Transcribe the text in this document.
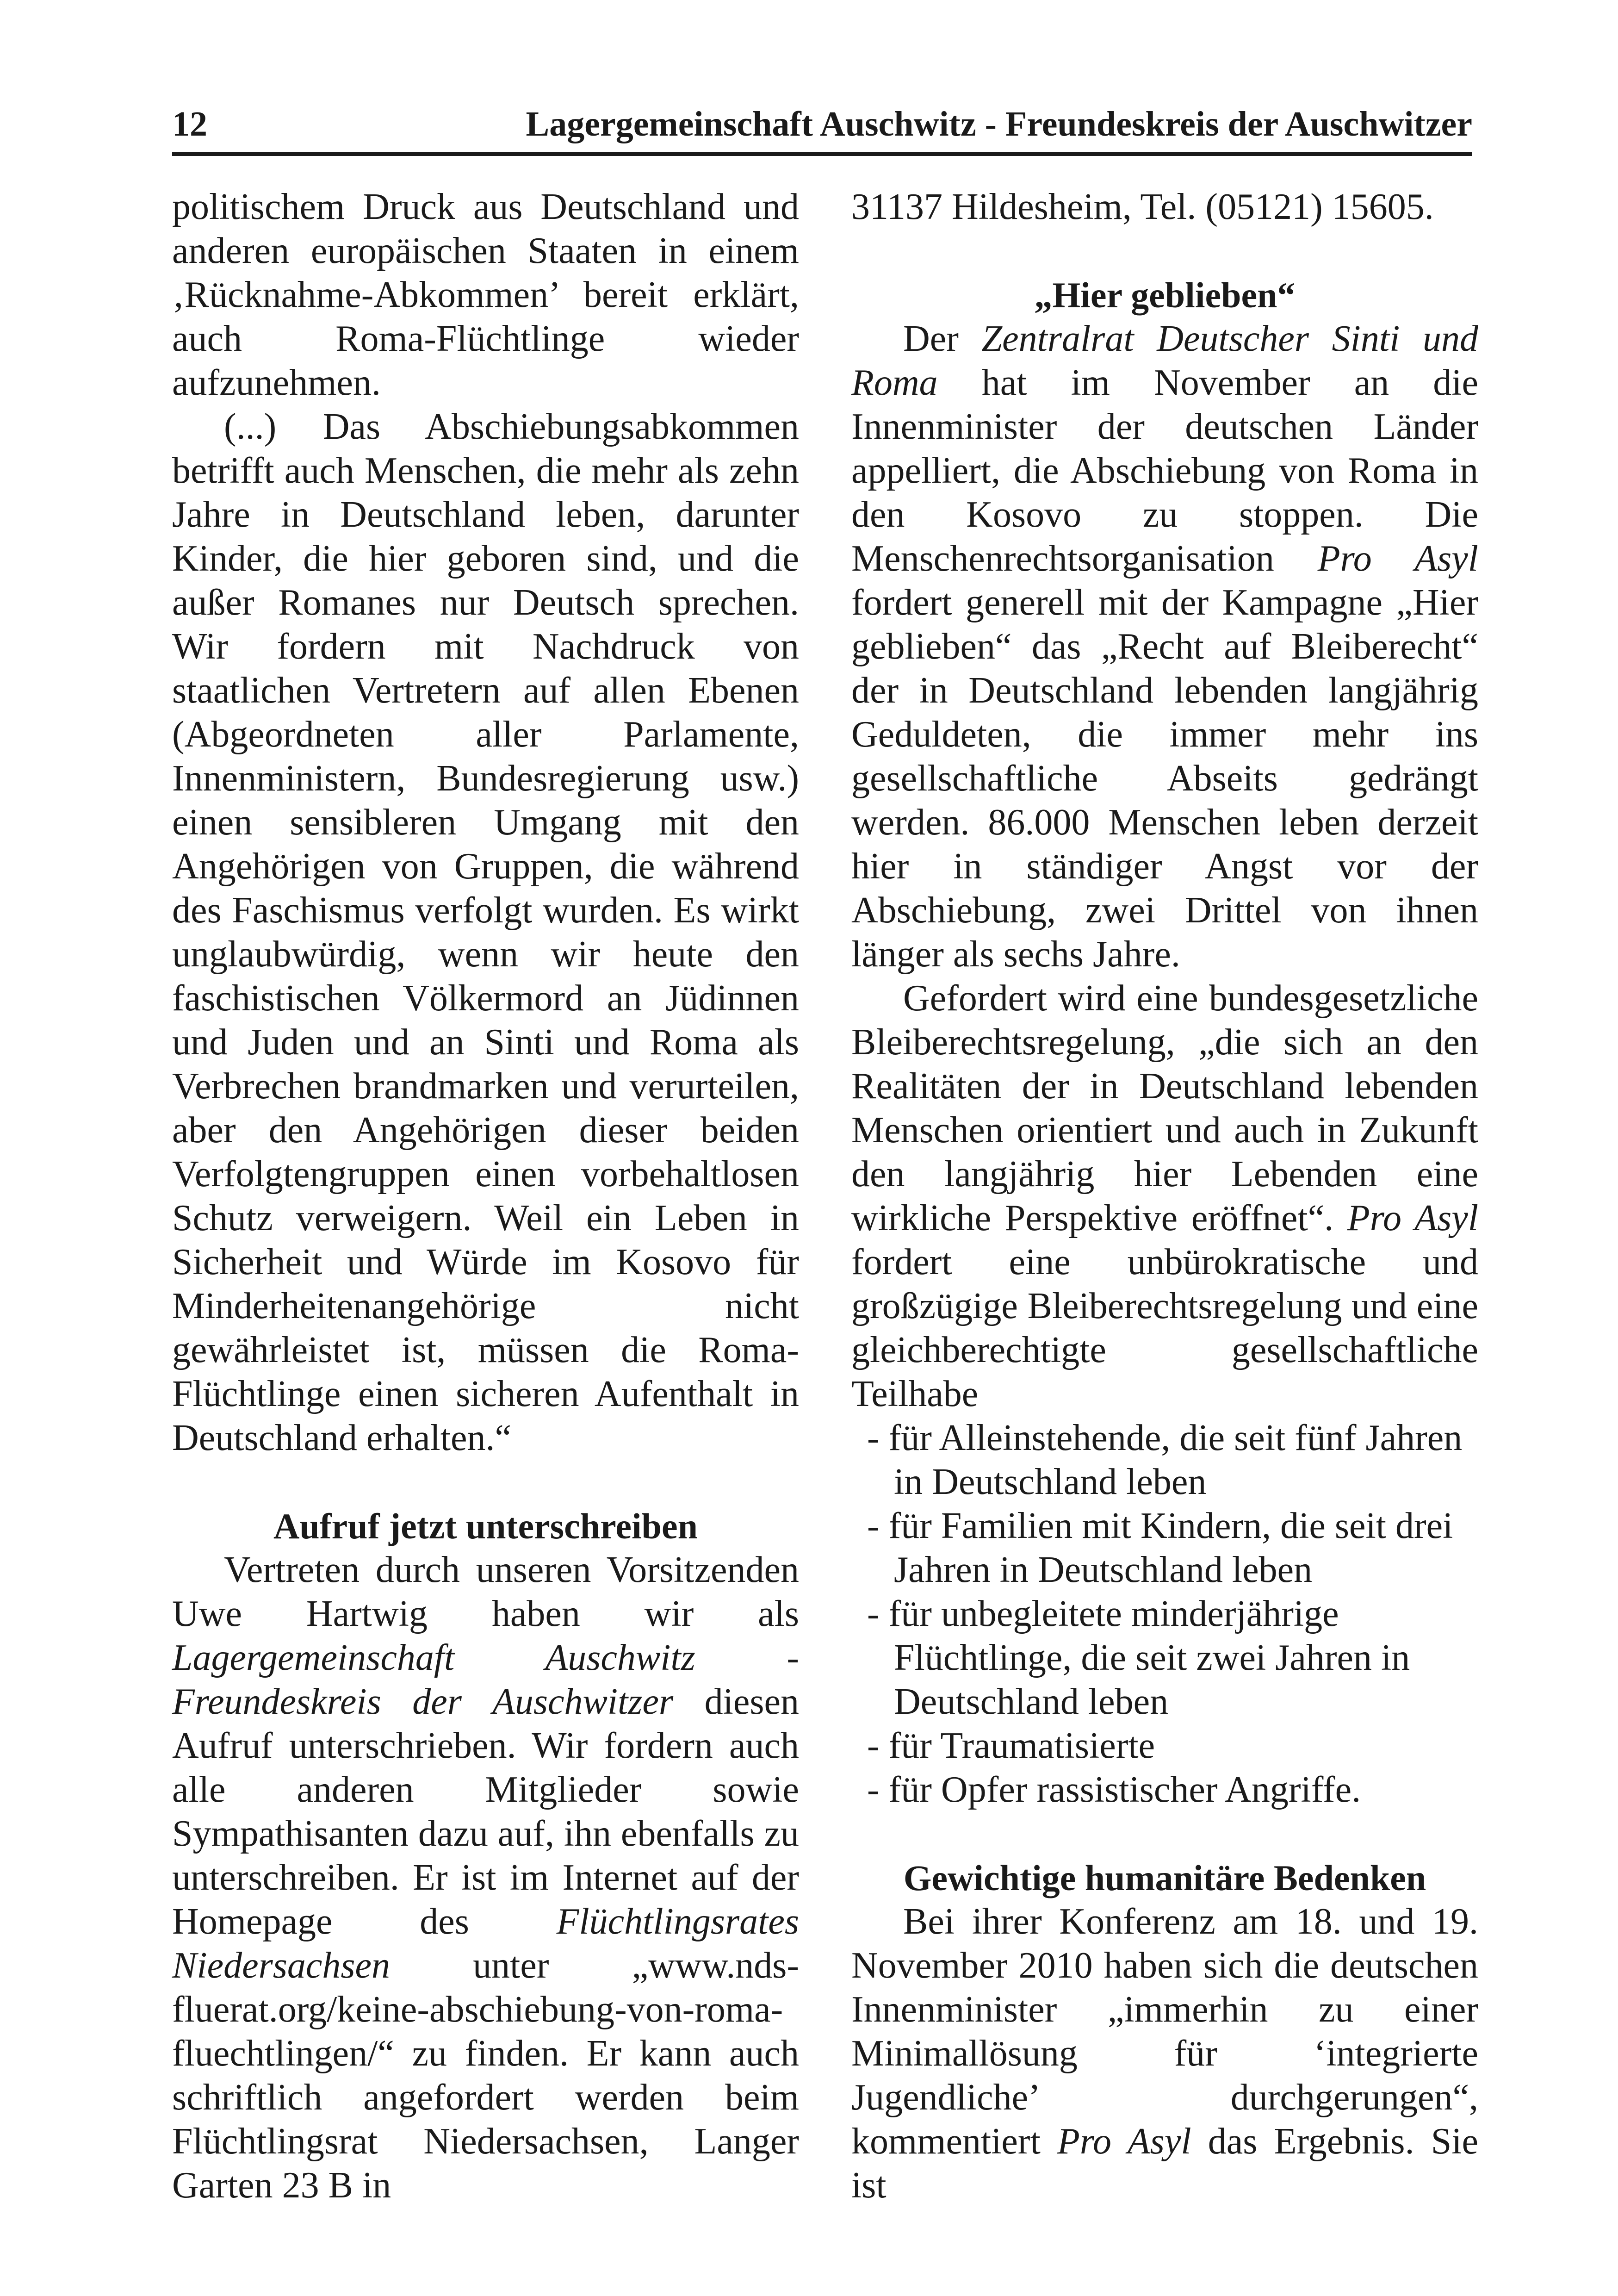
12	Lagergemeinschaft Auschwitz - Freundeskreis der Auschwitzer

politischem Druck aus Deutschland und anderen europäischen Staaten in einem ‚Rücknahme-Abkommen’ bereit erklärt, auch Roma-Flüchtlinge wieder aufzunehmen.

(...) Das Abschiebungsabkommen betrifft auch Menschen, die mehr als zehn Jahre in Deutschland leben, darunter Kinder, die hier geboren sind, und die außer Romanes nur Deutsch sprechen. Wir fordern mit Nachdruck von staatlichen Vertretern auf allen Ebenen (Abgeordneten aller Parlamente, Innenministern, Bundesregierung usw.) einen sensibleren Umgang mit den Angehörigen von Gruppen, die während des Faschismus verfolgt wurden. Es wirkt unglaubwürdig, wenn wir heute den faschistischen Völkermord an Jüdinnen und Juden und an Sinti und Roma als Verbrechen brandmarken und verurteilen, aber den Angehörigen dieser beiden Verfolgtengruppen einen vorbehaltlosen Schutz verweigern. Weil ein Leben in Sicherheit und Würde im Kosovo für Minderheitenangehörige nicht gewährleistet ist, müssen die Roma-Flüchtlinge einen sicheren Aufenthalt in Deutschland erhalten.“

Aufruf jetzt unterschreiben

Vertreten durch unseren Vorsitzenden Uwe Hartwig haben wir als Lagergemeinschaft Auschwitz - Freundeskreis der Auschwitzer diesen Aufruf unterschrieben. Wir fordern auch alle anderen Mitglieder sowie Sympathisanten dazu auf, ihn ebenfalls zu unterschreiben. Er ist im Internet auf der Homepage des Flüchtlingsrates Niedersachsen unter „www.nds-fluerat.org/keine-abschiebung-von-roma-fluechtlingen/“ zu finden. Er kann auch schriftlich angefordert werden beim Flüchtlingsrat Niedersachsen, Langer Garten 23 B in

31137 Hildesheim, Tel. (05121) 15605.

„Hier geblieben“

Der Zentralrat Deutscher Sinti und Roma hat im November an die Innenminister der deutschen Länder appelliert, die Abschiebung von Roma in den Kosovo zu stoppen. Die Menschenrechtsorganisation Pro Asyl fordert generell mit der Kampagne „Hier geblieben“ das „Recht auf Bleiberecht“ der in Deutschland lebenden langjährig Geduldeten, die immer mehr ins gesellschaftliche Abseits gedrängt werden. 86.000 Menschen leben derzeit hier in ständiger Angst vor der Abschiebung, zwei Drittel von ihnen länger als sechs Jahre.

Gefordert wird eine bundesgesetzliche Bleiberechtsregelung, „die sich an den Realitäten der in Deutschland lebenden Menschen orientiert und auch in Zukunft den langjährig hier Lebenden eine wirkliche Perspektive eröffnet“. Pro Asyl fordert eine unbürokratische und großzügige Bleiberechtsregelung und eine gleichberechtigte gesellschaftliche Teilhabe

- für Alleinstehende, die seit fünf Jahren in Deutschland leben
- für Familien mit Kindern, die seit drei Jahren in Deutschland leben
- für unbegleitete minderjährige Flüchtlinge, die seit zwei Jahren in Deutschland leben
- für Traumatisierte
- für Opfer rassistischer Angriffe.
Gewichtige humanitäre Bedenken

Bei ihrer Konferenz am 18. und 19. November 2010 haben sich die deutschen Innenminister „immerhin zu einer Minimallösung für ‘integrierte Jugendliche’ durchgerungen“, kommentiert Pro Asyl das Ergebnis. Sie ist
